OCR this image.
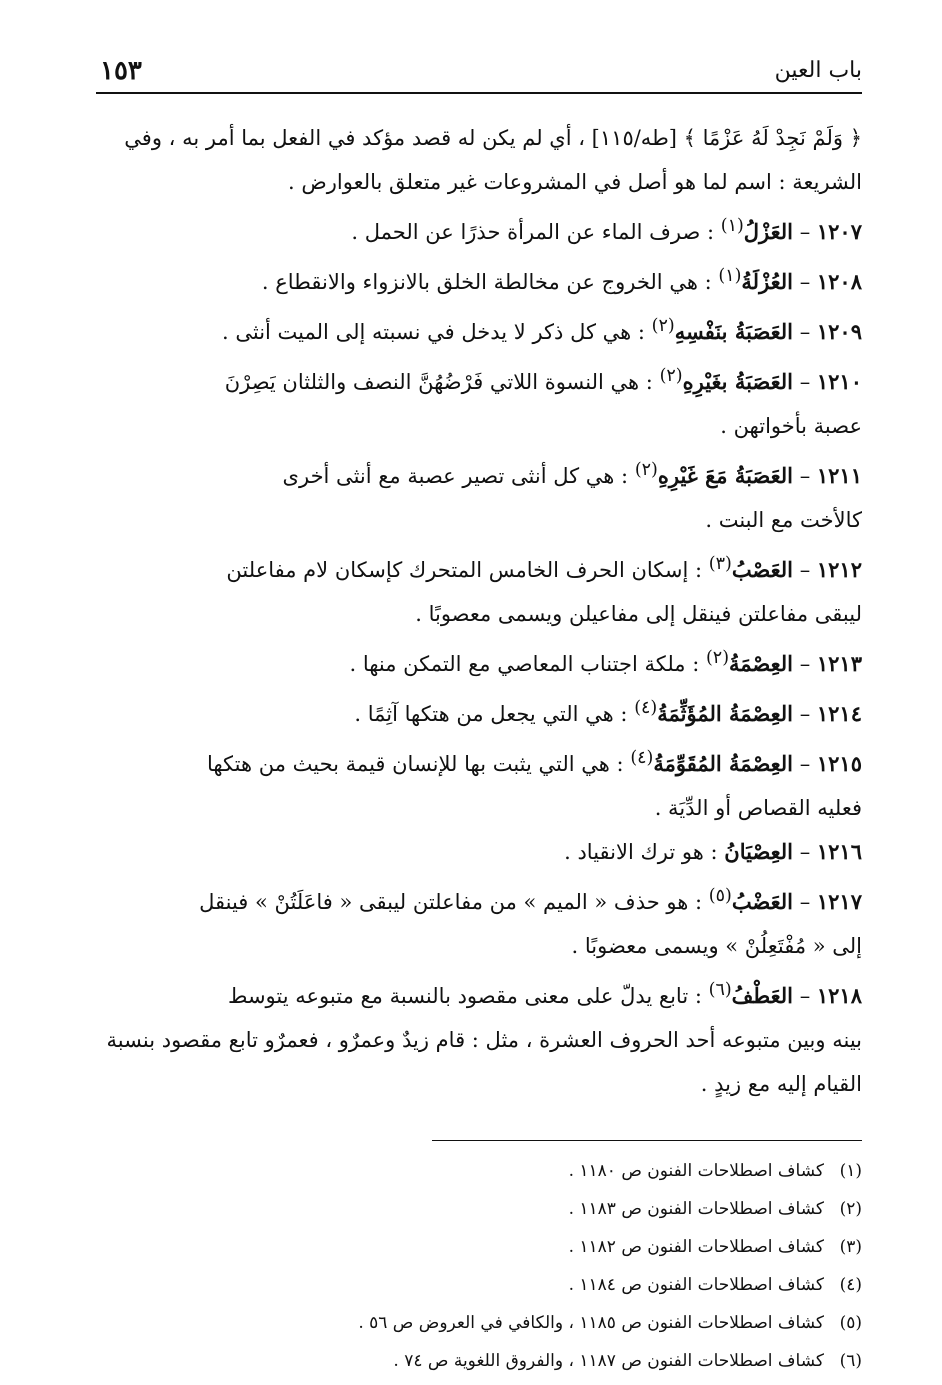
باب العين
١٥٣

﴿ وَلَمْ نَجِدْ لَهُ عَزْمًا ﴾ [طه/١١٥] ، أي لم يكن له قصد مؤكد في الفعل بما أمر به ، وفي

الشريعة : اسم لما هو أصل في المشروعات غير متعلق بالعوارض .

١٢٠٧ – العَزْلُ$^{(١)}$ : صرف الماء عن المرأة حذرًا عن الحمل .

١٢٠٨ – العُزْلَةُ$^{(١)}$ : هي الخروج عن مخالطة الخلق بالانزواء والانقطاع .

١٢٠٩ – العَصَبَةُ بنَفْسِهِ$^{(٢)}$ : هي كل ذكر لا يدخل في نسبته إلى الميت أنثى .

١٢١٠ – العَصَبَةُ بغَيْرِهِ$^{(٢)}$ : هي النسوة اللاتي فَرْضُهُنَّ النصف والثلثان يَصِرْنَ

عصبة بأخواتهن .

١٢١١ – العَصَبَةُ مَعَ غَيْرِهِ$^{(٢)}$ : هي كل أنثى تصير عصبة مع أنثى أخرى

كالأخت مع البنت .

١٢١٢ – العَصْبُ$^{(٣)}$ : إسكان الحرف الخامس المتحرك كإسكان لام مفاعلتن

ليبقى مفاعلتن فينقل إلى مفاعيلن ويسمى معصوبًا .

١٢١٣ – العِصْمَةُ$^{(٢)}$ : ملكة اجتناب المعاصي مع التمكن منها .

١٢١٤ – العِصْمَةُ المُؤَثِّمَةُ$^{(٤)}$ : هي التي يجعل من هتكها آثِمًا .

١٢١٥ – العِصْمَةُ المُقَوِّمَةُ$^{(٤)}$ : هي التي يثبت بها للإنسان قيمة بحيث من هتكها

فعليه القصاص أو الدِّيَة .

١٢١٦ – العِصْيَانُ : هو ترك الانقياد .

١٢١٧ – العَضْبُ$^{(٥)}$ : هو حذف « الميم » من مفاعلتن ليبقى « فاعَلَتُنْ » فينقل

إلى « مُفْتَعِلُنْ » ويسمى معضوبًا .

١٢١٨ – العَطْفُ$^{(٦)}$ : تابع يدلّ على معنى مقصود بالنسبة مع متبوعه يتوسط

بينه وبين متبوعه أحد الحروف العشرة ، مثل : قام زيدٌ وعمرٌو ، فعمرٌو تابع مقصود بنسبة

القيام إليه مع زيدٍ .

(١)كشاف اصطلاحات الفنون ص ١١٨٠ .
(٢)كشاف اصطلاحات الفنون ص ١١٨٣ .
(٣)كشاف اصطلاحات الفنون ص ١١٨٢ .
(٤)كشاف اصطلاحات الفنون ص ١١٨٤ .
(٥)كشاف اصطلاحات الفنون ص ١١٨٥ ، والكافي في العروض ص ٥٦ .
(٦)كشاف اصطلاحات الفنون ص ١١٨٧ ، والفروق اللغوية ص ٧٤ .
